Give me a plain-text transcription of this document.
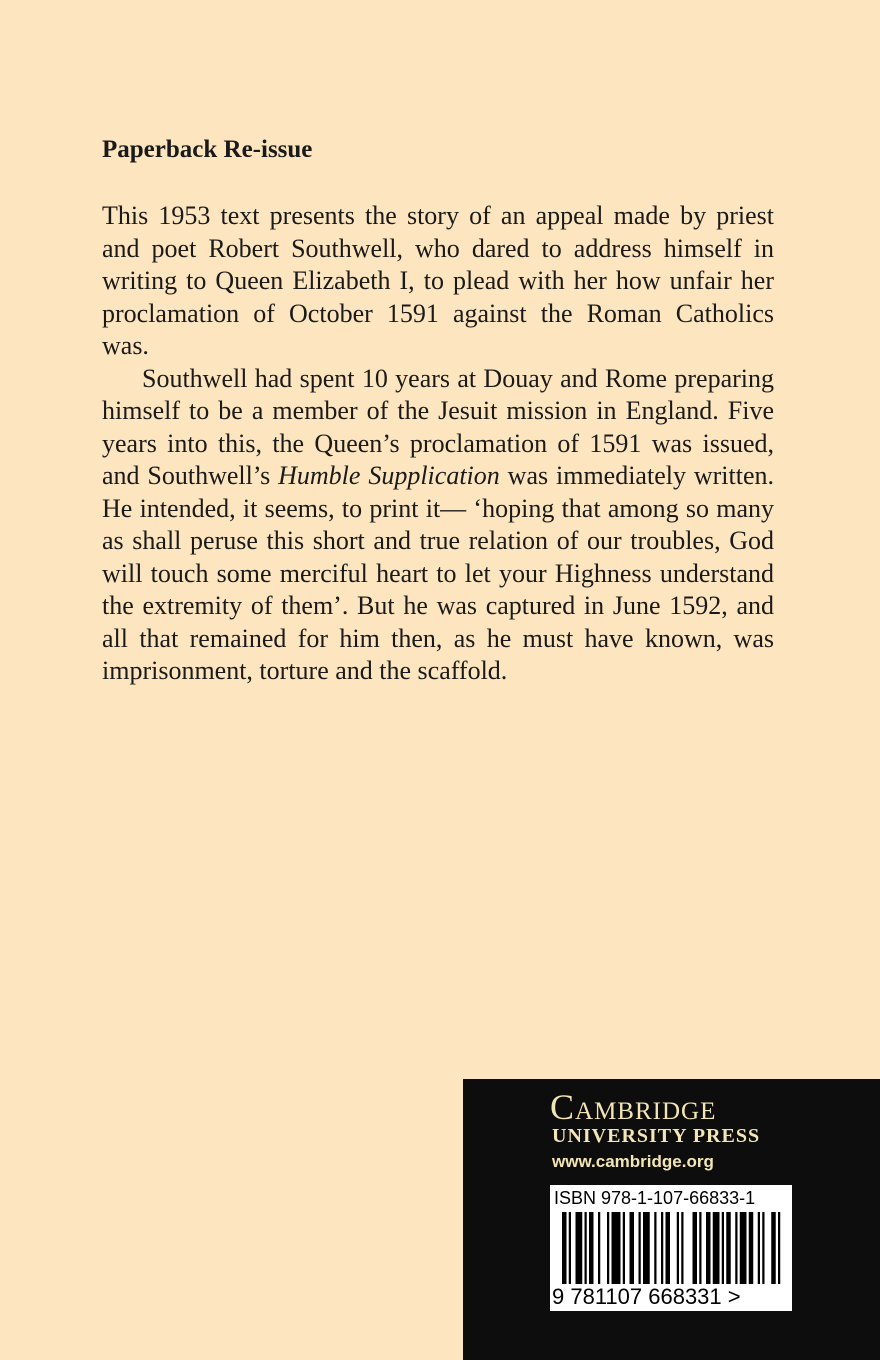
Paperback Re-issue

This 1953 text presents the story of an appeal made by priest and poet Robert Southwell, who dared to address himself in writing to Queen Elizabeth I, to plead with her how unfair her proclamation of October 1591 against the Roman Catholics was.

Southwell had spent 10 years at Douay and Rome preparing himself to be a member of the Jesuit mission in England. Five years into this, the Queen’s proclamation of 1591 was issued, and Southwell’s Humble Supplication was immediately written. He intended, it seems, to print it— ‘hoping that among so many as shall peruse this short and true relation of our troubles, God will touch some merciful heart to let your Highness understand the extremity of them’. But he was captured in June 1592, and all that remained for him then, as he must have known, was imprisonment, torture and the scaffold.

Cambridge
UNIVERSITY PRESS
www.cambridge.org
ISBN 978-1-107-66833-1
9 781107 668331 >
